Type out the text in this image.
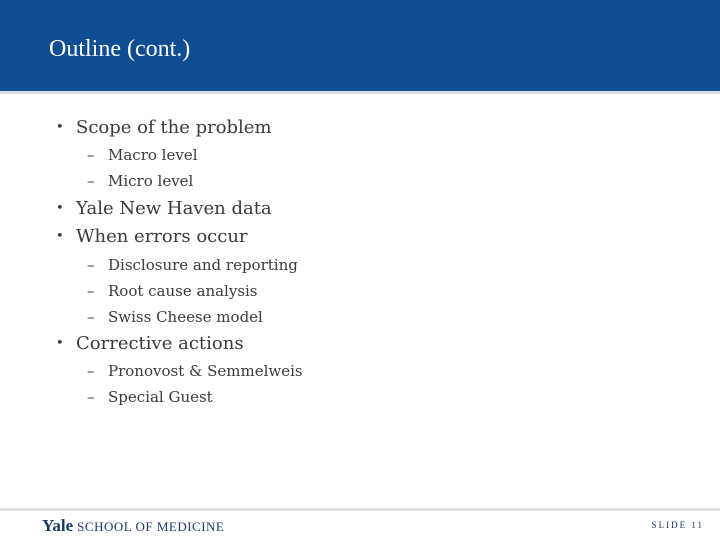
Outline (cont.)
• Scope of the problem
– Macro level
– Micro level
• Yale New Haven data
• When errors occur
– Disclosure and reporting
– Root cause analysis
– Swiss Cheese model
• Corrective actions
– Pronovost & Semmelweis
– Special Guest
Yale SCHOOL OF MEDICINE	SLIDE 11
